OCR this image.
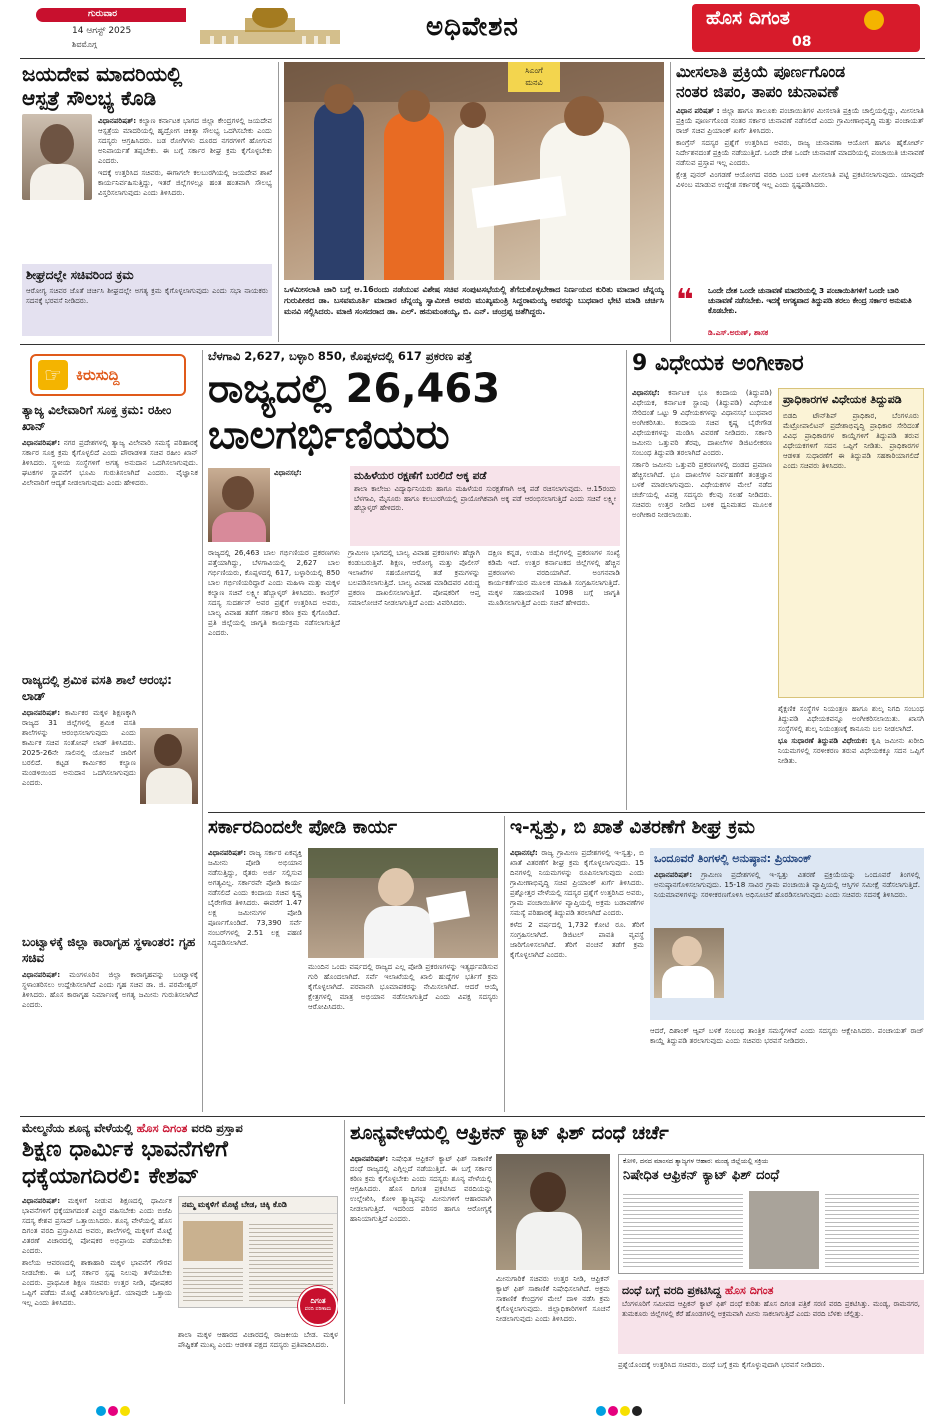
ಗುರುವಾರ
14 ಆಗಸ್ಟ್ 2025
ಶಿವಮೊಗ್ಗ
ಅಧಿವೇಶನ	ಹೊಸ ದಿಗಂತ
08
ಜಯದೇವ ಮಾದರಿಯಲ್ಲಿ
ಆಸ್ಪತ್ರೆ ಸೌಲಭ್ಯ ಕೊಡಿ

ವಿಧಾನಪರಿಷತ್: ಕಲ್ಯಾಣ ಕರ್ನಾಟಕ ಭಾಗದ ಜಿಲ್ಲಾ ಕೇಂದ್ರಗಳಲ್ಲಿ ಜಯದೇವ ಆಸ್ಪತ್ರೆಯ ಮಾದರಿಯಲ್ಲಿ ಹೃದ್ರೋಗ ಚಿಕಿತ್ಸಾ ಸೌಲಭ್ಯ ಒದಗಿಸಬೇಕು ಎಂದು ಸದಸ್ಯರು ಆಗ್ರಹಿಸಿದರು. ಬಡ ರೋಗಿಗಳು ದೂರದ ನಗರಗಳಿಗೆ ಹೋಗುವ ಅನಿವಾರ್ಯತೆ ತಪ್ಪಬೇಕು. ಈ ಬಗ್ಗೆ ಸರ್ಕಾರ ಶೀಘ್ರ ಕ್ರಮ ಕೈಗೊಳ್ಳಬೇಕು ಎಂದರು.

ಇದಕ್ಕೆ ಉತ್ತರಿಸಿದ ಸಚಿವರು, ಈಗಾಗಲೇ ಕಲಬುರಗಿಯಲ್ಲಿ ಜಯದೇವ ಶಾಖೆ ಕಾರ್ಯನಿರ್ವಹಿಸುತ್ತಿದ್ದು, ಇತರೆ ಜಿಲ್ಲೆಗಳಲ್ಲೂ ಹಂತ ಹಂತವಾಗಿ ಸೌಲಭ್ಯ ವಿಸ್ತರಿಸಲಾಗುವುದು ಎಂದು ತಿಳಿಸಿದರು.

ಶೀಘ್ರದಲ್ಲೇ ಸಚಿವರಿಂದ ಕ್ರಮ
ಆರೋಗ್ಯ ಸಚಿವರ ಜೊತೆ ಚರ್ಚಿಸಿ ಶೀಘ್ರದಲ್ಲೇ ಅಗತ್ಯ ಕ್ರಮ ಕೈಗೊಳ್ಳಲಾಗುವುದು ಎಂದು ಸಭಾ ನಾಯಕರು ಸದನಕ್ಕೆ ಭರವಸೆ ನೀಡಿದರು.
ಸಿಎಂಗೆ
ಮನವಿ
ಒಳಮೀಸಲಾತಿ ಜಾರಿ ಬಗ್ಗೆ ಆ.16ರಂದು ನಡೆಯುವ ವಿಶೇಷ ಸಚಿವ ಸಂಪುಟಸಭೆಯಲ್ಲಿ ತೆಗೆದುಕೊಳ್ಳಬೇಕಾದ ನಿರ್ಣಯದ ಕುರಿತು ಮಾದಾರ ಚೆನ್ನಯ್ಯ ಗುರುಪೀಠದ ಡಾ. ಬಸವಮೂರ್ತಿ ಮಾದಾರ ಚೆನ್ನಯ್ಯ ಸ್ವಾಮೀಜಿ ಅವರು ಮುಖ್ಯಮಂತ್ರಿ ಸಿದ್ದರಾಮಯ್ಯ ಅವರನ್ನು ಬುಧವಾರ ಭೇಟಿ ಮಾಡಿ ಚರ್ಚಿಸಿ ಮನವಿ ಸಲ್ಲಿಸಿದರು. ಮಾಜಿ ಸಂಸದರಾದ ಡಾ. ಎಲ್. ಹನುಮಂತಯ್ಯ, ಬಿ. ಎನ್. ಚಂದ್ರಪ್ಪ ಜತೆಗಿದ್ದರು.
ಮೀಸಲಾತಿ ಪ್ರಕ್ರಿಯೆ ಪೂರ್ಣಗೊಂಡ
ನಂತರ ಜಿಪಂ, ತಾಪಂ ಚುನಾವಣೆ

ವಿಧಾನ ಪರಿಷತ್ : ಜಿಲ್ಲಾ ಹಾಗೂ ತಾಲೂಕು ಪಂಚಾಯಿತಿಗಳ ಮೀಸಲಾತಿ ಪ್ರಕ್ರಿಯೆ ಚಾಲ್ತಿಯಲ್ಲಿದ್ದು, ಮೀಸಲಾತಿ ಪ್ರಕ್ರಿಯೆ ಪೂರ್ಣಗೊಂಡ ನಂತರ ಸರ್ಕಾರ ಚುನಾವಣೆ ನಡೆಸಲಿದೆ ಎಂದು ಗ್ರಾಮೀಣಾಭಿವೃದ್ಧಿ ಮತ್ತು ಪಂಚಾಯತ್ ರಾಜ್ ಸಚಿವ ಪ್ರಿಯಾಂಕ್ ಖರ್ಗೆ ತಿಳಿಸಿದರು.

ಕಾಂಗ್ರೆಸ್ ಸದಸ್ಯರ ಪ್ರಶ್ನೆಗೆ ಉತ್ತರಿಸಿದ ಅವರು, ರಾಜ್ಯ ಚುನಾವಣಾ ಆಯೋಗ ಹಾಗೂ ಹೈಕೋರ್ಟ್ ನಿರ್ದೇಶನದಂತೆ ಪ್ರಕ್ರಿಯೆ ನಡೆಯುತ್ತಿದೆ. ಒಂದೇ ದೇಶ ಒಂದೇ ಚುನಾವಣೆ ಮಾದರಿಯಲ್ಲಿ ಪಂಚಾಯಿತಿ ಚುನಾವಣೆ ನಡೆಸುವ ಪ್ರಸ್ತಾಪ ಇಲ್ಲ ಎಂದರು.

ಕ್ಷೇತ್ರ ಪುನರ್ ವಿಂಗಡಣೆ ಆಯೋಗದ ವರದಿ ಬಂದ ಬಳಿಕ ಮೀಸಲಾತಿ ಪಟ್ಟಿ ಪ್ರಕಟಿಸಲಾಗುವುದು. ಯಾವುದೇ ವಿಳಂಬ ಮಾಡುವ ಉದ್ದೇಶ ಸರ್ಕಾರಕ್ಕೆ ಇಲ್ಲ ಎಂದು ಸ್ಪಷ್ಟಪಡಿಸಿದರು.

❝ ಒಂದೇ ದೇಶ ಒಂದೇ ಚುನಾವಣೆ ಮಾದರಿಯಲ್ಲಿ 3 ಪಂಚಾಯಿತಿಗಳಿಗೆ ಒಂದೇ ಬಾರಿ ಚುನಾವಣೆ ನಡೆಸಬೇಕು. ಇದಕ್ಕೆ ಅಗತ್ಯವಾದ ತಿದ್ದುಪಡಿ ತರಲು ಕೇಂದ್ರ ಸರ್ಕಾರ ಅನುಮತಿ ಕೊಡಬೇಕು.
ಡಿ.ಎಸ್.ಅರುಣ್, ಶಾಸಕ
☞ ಕಿರುಸುದ್ದಿ
ತ್ಯಾಜ್ಯ ವಿಲೇವಾರಿಗೆ ಸೂಕ್ತ ಕ್ರಮ: ರಹೀಂ ಖಾನ್

ವಿಧಾನಪರಿಷತ್: ನಗರ ಪ್ರದೇಶಗಳಲ್ಲಿ ತ್ಯಾಜ್ಯ ವಿಲೇವಾರಿ ಸಮಸ್ಯೆ ಪರಿಹಾರಕ್ಕೆ ಸರ್ಕಾರ ಸೂಕ್ತ ಕ್ರಮ ಕೈಗೊಳ್ಳಲಿದೆ ಎಂದು ಪೌರಾಡಳಿತ ಸಚಿವ ರಹೀಂ ಖಾನ್ ತಿಳಿಸಿದರು. ಸ್ಥಳೀಯ ಸಂಸ್ಥೆಗಳಿಗೆ ಅಗತ್ಯ ಅನುದಾನ ಒದಗಿಸಲಾಗುವುದು. ಘಟಕಗಳ ಸ್ಥಾಪನೆಗೆ ಭೂಮಿ ಗುರುತಿಸಲಾಗಿದೆ ಎಂದರು. ವೈಜ್ಞಾನಿಕ ವಿಲೇವಾರಿಗೆ ಆದ್ಯತೆ ನೀಡಲಾಗುವುದು ಎಂದು ಹೇಳಿದರು.

ರಾಜ್ಯದಲ್ಲಿ ಶ್ರಮಿಕ ವಸತಿ ಶಾಲೆ ಆರಂಭ: ಲಾಡ್

ವಿಧಾನಪರಿಷತ್: ಕಾರ್ಮಿಕರ ಮಕ್ಕಳ ಶಿಕ್ಷಣಕ್ಕಾಗಿ ರಾಜ್ಯದ 31 ಜಿಲ್ಲೆಗಳಲ್ಲಿ ಶ್ರಮಿಕ ವಸತಿ ಶಾಲೆಗಳನ್ನು ಆರಂಭಿಸಲಾಗುವುದು ಎಂದು ಕಾರ್ಮಿಕ ಸಚಿವ ಸಂತೋಷ್ ಲಾಡ್ ತಿಳಿಸಿದರು. 2025-26ನೇ ಸಾಲಿನಲ್ಲಿ ಯೋಜನೆ ಜಾರಿಗೆ ಬರಲಿದೆ. ಕಟ್ಟಡ ಕಾರ್ಮಿಕರ ಕಲ್ಯಾಣ ಮಂಡಳಿಯಿಂದ ಅನುದಾನ ಒದಗಿಸಲಾಗುವುದು ಎಂದರು.

ಬಂಟ್ವಾಳಕ್ಕೆ ಜಿಲ್ಲಾ ಕಾರಾಗೃಹ ಸ್ಥಳಾಂತರ: ಗೃಹ ಸಚಿವ

ವಿಧಾನಪರಿಷತ್: ಮಂಗಳೂರಿನ ಜಿಲ್ಲಾ ಕಾರಾಗೃಹವನ್ನು ಬಂಟ್ವಾಳಕ್ಕೆ ಸ್ಥಳಾಂತರಿಸಲು ಉದ್ದೇಶಿಸಲಾಗಿದೆ ಎಂದು ಗೃಹ ಸಚಿವ ಡಾ. ಜಿ. ಪರಮೇಶ್ವರ್ ತಿಳಿಸಿದರು. ಹೊಸ ಕಾರಾಗೃಹ ನಿರ್ಮಾಣಕ್ಕೆ ಅಗತ್ಯ ಜಮೀನು ಗುರುತಿಸಲಾಗಿದೆ ಎಂದರು.

ಬೆಳಗಾವಿ 2,627, ಬಳ್ಳಾರಿ 850, ಕೊಪ್ಪಳದಲ್ಲಿ 617 ಪ್ರಕರಣ ಪತ್ತೆ
ರಾಜ್ಯದಲ್ಲಿ 26,463
ಬಾಲಗರ್ಭಿಣಿಯರು
ಮಹಿಳೆಯರ ರಕ್ಷಣೆಗೆ ಬರಲಿದೆ ಅಕ್ಕ ಪಡೆ
ಶಾಲಾ ಕಾಲೇಜು ವಿದ್ಯಾರ್ಥಿನಿಯರು ಹಾಗೂ ಮಹಿಳೆಯರ ಸುರಕ್ಷತೆಗಾಗಿ ಅಕ್ಕ ಪಡೆ ರಚಿಸಲಾಗುವುದು. ಆ.15ರಂದು ಬೆಳಗಾವಿ, ಮೈಸೂರು ಹಾಗೂ ಕಲಬುರಗಿಯಲ್ಲಿ ಪ್ರಾಯೋಗಿಕವಾಗಿ ಅಕ್ಕ ಪಡೆ ಆರಂಭಿಸಲಾಗುತ್ತಿದೆ ಎಂದು ಸಚಿವೆ ಲಕ್ಷ್ಮೀ ಹೆಬ್ಬಾಳ್ಕರ್ ಹೇಳಿದರು.

ವಿಧಾನಸಭೆ:

ರಾಜ್ಯದಲ್ಲಿ 26,463 ಬಾಲ ಗರ್ಭಿಣಿಯರ ಪ್ರಕರಣಗಳು ಪತ್ತೆಯಾಗಿದ್ದು, ಬೆಳಗಾವಿಯಲ್ಲಿ 2,627 ಬಾಲ ಗರ್ಭಿಣಿಯರು, ಕೊಪ್ಪಳದಲ್ಲಿ 617, ಬಳ್ಳಾರಿಯಲ್ಲಿ 850 ಬಾಲ ಗರ್ಭಿಣಿಯರಿದ್ದಾರೆ ಎಂದು ಮಹಿಳಾ ಮತ್ತು ಮಕ್ಕಳ ಕಲ್ಯಾಣ ಸಚಿವೆ ಲಕ್ಷ್ಮೀ ಹೆಬ್ಬಾಳ್ಕರ್ ತಿಳಿಸಿದರು. ಕಾಂಗ್ರೆಸ್ ಸದಸ್ಯ ಸುದರ್ಶನ್ ಅವರ ಪ್ರಶ್ನೆಗೆ ಉತ್ತರಿಸಿದ ಅವರು, ಬಾಲ್ಯ ವಿವಾಹ ತಡೆಗೆ ಸರ್ಕಾರ ಕಠಿಣ ಕ್ರಮ ಕೈಗೊಂಡಿದೆ. ಪ್ರತಿ ಜಿಲ್ಲೆಯಲ್ಲಿ ಜಾಗೃತಿ ಕಾರ್ಯಕ್ರಮ ನಡೆಸಲಾಗುತ್ತಿದೆ ಎಂದರು.
ಗ್ರಾಮೀಣ ಭಾಗದಲ್ಲಿ ಬಾಲ್ಯ ವಿವಾಹ ಪ್ರಕರಣಗಳು ಹೆಚ್ಚಾಗಿ ಕಂಡುಬರುತ್ತಿವೆ. ಶಿಕ್ಷಣ, ಆರೋಗ್ಯ ಮತ್ತು ಪೊಲೀಸ್ ಇಲಾಖೆಗಳ ಸಹಯೋಗದಲ್ಲಿ ತಡೆ ಕ್ರಮಗಳನ್ನು ಬಲಪಡಿಸಲಾಗುತ್ತಿದೆ. ಬಾಲ್ಯ ವಿವಾಹ ಮಾಡಿದವರ ವಿರುದ್ಧ ಪ್ರಕರಣ ದಾಖಲಿಸಲಾಗುತ್ತಿದೆ. ಪೋಷಕರಿಗೆ ಆಪ್ತ ಸಮಾಲೋಚನೆ ನೀಡಲಾಗುತ್ತಿದೆ ಎಂದು ವಿವರಿಸಿದರು.
ದಕ್ಷಿಣ ಕನ್ನಡ, ಉಡುಪಿ ಜಿಲ್ಲೆಗಳಲ್ಲಿ ಪ್ರಕರಣಗಳ ಸಂಖ್ಯೆ ಕಡಿಮೆ ಇದೆ. ಉತ್ತರ ಕರ್ನಾಟಕದ ಜಿಲ್ಲೆಗಳಲ್ಲಿ ಹೆಚ್ಚಿನ ಪ್ರಕರಣಗಳು ವರದಿಯಾಗಿವೆ. ಅಂಗನವಾಡಿ ಕಾರ್ಯಕರ್ತೆಯರ ಮೂಲಕ ಮಾಹಿತಿ ಸಂಗ್ರಹಿಸಲಾಗುತ್ತಿದೆ. ಮಕ್ಕಳ ಸಹಾಯವಾಣಿ 1098 ಬಗ್ಗೆ ಜಾಗೃತಿ ಮೂಡಿಸಲಾಗುತ್ತಿದೆ ಎಂದು ಸಚಿವೆ ಹೇಳಿದರು.
9 ವಿಧೇಯಕ ಅಂಗೀಕಾರ

ವಿಧಾನಸಭೆ: ಕರ್ನಾಟಕ ಭೂ ಕಂದಾಯ (ತಿದ್ದುಪಡಿ) ವಿಧೇಯಕ, ಕರ್ನಾಟಕ ಸ್ಟಾಂಪು (ತಿದ್ದುಪಡಿ) ವಿಧೇಯಕ ಸೇರಿದಂತೆ ಒಟ್ಟು 9 ವಿಧೇಯಕಗಳನ್ನು ವಿಧಾನಸಭೆ ಬುಧವಾರ ಅಂಗೀಕರಿಸಿತು. ಕಂದಾಯ ಸಚಿವ ಕೃಷ್ಣ ಬೈರೇಗೌಡ ವಿಧೇಯಕಗಳನ್ನು ಮಂಡಿಸಿ ವಿವರಣೆ ನೀಡಿದರು. ಸರ್ಕಾರಿ ಜಮೀನು ಒತ್ತುವರಿ ತೆರವು, ದಾಖಲೆಗಳ ಡಿಜಿಟಲೀಕರಣ ಸಂಬಂಧ ತಿದ್ದುಪಡಿ ತರಲಾಗಿದೆ ಎಂದರು.

ಸರ್ಕಾರಿ ಜಮೀನು ಒತ್ತುವರಿ ಪ್ರಕರಣಗಳಲ್ಲಿ ದಂಡದ ಪ್ರಮಾಣ ಹೆಚ್ಚಿಸಲಾಗಿದೆ. ಭೂ ದಾಖಲೆಗಳ ನಿರ್ವಹಣೆಗೆ ತಂತ್ರಜ್ಞಾನ ಬಳಕೆ ಮಾಡಲಾಗುವುದು. ವಿಧೇಯಕಗಳ ಮೇಲೆ ನಡೆದ ಚರ್ಚೆಯಲ್ಲಿ ವಿಪಕ್ಷ ಸದಸ್ಯರು ಕೆಲವು ಸಲಹೆ ನೀಡಿದರು. ಸಚಿವರು ಉತ್ತರ ನೀಡಿದ ಬಳಿಕ ಧ್ವನಿಮತದ ಮೂಲಕ ಅಂಗೀಕಾರ ನೀಡಲಾಯಿತು.

ಪ್ರಾಧಿಕಾರಗಳ ವಿಧೇಯಕ ತಿದ್ದುಪಡಿ
ಬಿಡದಿ ಟೌನ್‌ಶಿಪ್ ಪ್ರಾಧಿಕಾರ, ಬೆಂಗಳೂರು ಮೆಟ್ರೋಪಾಲಿಟನ್ ಪ್ರದೇಶಾಭಿವೃದ್ಧಿ ಪ್ರಾಧಿಕಾರ ಸೇರಿದಂತೆ ವಿವಿಧ ಪ್ರಾಧಿಕಾರಗಳ ಕಾಯ್ದೆಗಳಿಗೆ ತಿದ್ದುಪಡಿ ತರುವ ವಿಧೇಯಕಗಳಿಗೆ ಸದನ ಒಪ್ಪಿಗೆ ನೀಡಿತು. ಪ್ರಾಧಿಕಾರಗಳ ಆಡಳಿತ ಸುಧಾರಣೆಗೆ ಈ ತಿದ್ದುಪಡಿ ಸಹಕಾರಿಯಾಗಲಿದೆ ಎಂದು ಸಚಿವರು ತಿಳಿಸಿದರು.

ಶೈಕ್ಷಣಿಕ ಸಂಸ್ಥೆಗಳ ನಿಯಂತ್ರಣ ಹಾಗೂ ಶುಲ್ಕ ನಿಗದಿ ಸಂಬಂಧ ತಿದ್ದುಪಡಿ ವಿಧೇಯಕವನ್ನೂ ಅಂಗೀಕರಿಸಲಾಯಿತು. ಖಾಸಗಿ ಸಂಸ್ಥೆಗಳಲ್ಲಿ ಶುಲ್ಕ ನಿಯಂತ್ರಣಕ್ಕೆ ಕಾನೂನು ಬಲ ನೀಡಲಾಗಿದೆ.

ಭೂ ಸುಧಾರಣೆ ತಿದ್ದುಪಡಿ ವಿಧೇಯಕ: ಕೃಷಿ ಜಮೀನು ಖರೀದಿ ನಿಯಮಗಳಲ್ಲಿ ಸರಳೀಕರಣ ತರುವ ವಿಧೇಯಕಕ್ಕೂ ಸದನ ಒಪ್ಪಿಗೆ ನೀಡಿತು.

ಸರ್ಕಾರದಿಂದಲೇ ಪೋಡಿ ಕಾರ್ಯ

ವಿಧಾನಪರಿಷತ್: ರಾಜ್ಯ ಸರ್ಕಾರ ಏಕವ್ಯಕ್ತಿ ಜಮೀನು ಪೋಡಿ ಅಭಿಯಾನ ನಡೆಸುತ್ತಿದ್ದು, ರೈತರು ಅರ್ಜಿ ಸಲ್ಲಿಸುವ ಅಗತ್ಯವಿಲ್ಲ. ಸರ್ಕಾರವೇ ಪೋಡಿ ಕಾರ್ಯ ನಡೆಸಲಿದೆ ಎಂದು ಕಂದಾಯ ಸಚಿವ ಕೃಷ್ಣ ಬೈರೇಗೌಡ ತಿಳಿಸಿದರು. ಈವರೆಗೆ 1.47 ಲಕ್ಷ ಜಮೀನುಗಳ ಪೋಡಿ ಪೂರ್ಣಗೊಂಡಿದೆ. 73,390 ಸರ್ವೆ ನಂಬರ್‌ಗಳಲ್ಲಿ 2.51 ಲಕ್ಷ ಪಹಣಿ ಸಿದ್ಧಪಡಿಸಲಾಗಿದೆ.

ಮುಂದಿನ ಒಂದು ವರ್ಷದಲ್ಲಿ ರಾಜ್ಯದ ಎಲ್ಲ ಪೋಡಿ ಪ್ರಕರಣಗಳನ್ನು ಇತ್ಯರ್ಥಪಡಿಸುವ ಗುರಿ ಹೊಂದಲಾಗಿದೆ. ಸರ್ವೆ ಇಲಾಖೆಯಲ್ಲಿ ಖಾಲಿ ಹುದ್ದೆಗಳ ಭರ್ತಿಗೆ ಕ್ರಮ ಕೈಗೊಳ್ಳಲಾಗಿದೆ. ಪರವಾನಗಿ ಭೂಮಾಪಕರನ್ನು ನೇಮಿಸಲಾಗಿದೆ. ಆದರೆ ಆಯ್ಕೆ ಕ್ಷೇತ್ರಗಳಲ್ಲಿ ಮಾತ್ರ ಅಭಿಯಾನ ನಡೆಸಲಾಗುತ್ತಿದೆ ಎಂದು ವಿಪಕ್ಷ ಸದಸ್ಯರು ಆರೋಪಿಸಿದರು.
ಇ-ಸ್ವತ್ತು, ಬಿ ಖಾತೆ ವಿತರಣೆಗೆ ಶೀಘ್ರ ಕ್ರಮ

ವಿಧಾನಸಭೆ: ರಾಜ್ಯ ಗ್ರಾಮೀಣ ಪ್ರದೇಶಗಳಲ್ಲಿ ಇ-ಸ್ವತ್ತು, ಬಿ ಖಾತೆ ವಿತರಣೆಗೆ ಶೀಘ್ರ ಕ್ರಮ ಕೈಗೊಳ್ಳಲಾಗುವುದು. 15 ದಿನಗಳಲ್ಲಿ ನಿಯಮಗಳನ್ನು ರೂಪಿಸಲಾಗುವುದು ಎಂದು ಗ್ರಾಮೀಣಾಭಿವೃದ್ಧಿ ಸಚಿವ ಪ್ರಿಯಾಂಕ್ ಖರ್ಗೆ ತಿಳಿಸಿದರು. ಪ್ರಶ್ನೋತ್ತರ ವೇಳೆಯಲ್ಲಿ ಸದಸ್ಯರ ಪ್ರಶ್ನೆಗೆ ಉತ್ತರಿಸಿದ ಅವರು, ಗ್ರಾಮ ಪಂಚಾಯಿತಿಗಳ ವ್ಯಾಪ್ತಿಯಲ್ಲಿ ಅಕ್ರಮ ಬಡಾವಣೆಗಳ ಸಮಸ್ಯೆ ಪರಿಹಾರಕ್ಕೆ ತಿದ್ದುಪಡಿ ತರಲಾಗಿದೆ ಎಂದರು.

ಕಳೆದ 2 ವರ್ಷದಲ್ಲಿ 1,732 ಕೋಟಿ ರೂ. ತೆರಿಗೆ ಸಂಗ್ರಹಿಸಲಾಗಿದೆ. ಡಿಜಿಟಲ್ ಪಾವತಿ ವ್ಯವಸ್ಥೆ ಜಾರಿಗೊಳಿಸಲಾಗಿದೆ. ತೆರಿಗೆ ವಂಚನೆ ತಡೆಗೆ ಕ್ರಮ ಕೈಗೊಳ್ಳಲಾಗಿದೆ ಎಂದರು.

ಒಂದೂವರೆ ತಿಂಗಳಲ್ಲಿ ಅನುಷ್ಠಾನ: ಪ್ರಿಯಾಂಕ್

ವಿಧಾನಪರಿಷತ್: ಗ್ರಾಮೀಣ ಪ್ರದೇಶಗಳಲ್ಲಿ ಇ-ಸ್ವತ್ತು ವಿತರಣೆ ಪ್ರಕ್ರಿಯೆಯನ್ನು ಒಂದೂವರೆ ತಿಂಗಳಲ್ಲಿ ಅನುಷ್ಠಾನಗೊಳಿಸಲಾಗುವುದು. 15-18 ಸಾವಿರ ಗ್ರಾಮ ಪಂಚಾಯಿತಿ ವ್ಯಾಪ್ತಿಯಲ್ಲಿ ಆಸ್ತಿಗಳ ಸಮೀಕ್ಷೆ ನಡೆಸಲಾಗುತ್ತಿದೆ. ನಿಯಮಾವಳಿಗಳನ್ನು ಸರಳೀಕರಣಗೊಳಿಸಿ ಅಧಿಸೂಚನೆ ಹೊರಡಿಸಲಾಗುವುದು ಎಂದು ಸಚಿವರು ಸದನಕ್ಕೆ ತಿಳಿಸಿದರು.

ಆದರೆ, ದಿಶಾಂಕ್ ಆ್ಯಪ್ ಬಳಕೆ ಸಂಬಂಧ ತಾಂತ್ರಿಕ ಸಮಸ್ಯೆಗಳಿವೆ ಎಂದು ಸದಸ್ಯರು ಆಕ್ಷೇಪಿಸಿದರು. ಪಂಚಾಯತ್ ರಾಜ್ ಕಾಯ್ದೆ ತಿದ್ದುಪಡಿ ತರಲಾಗುವುದು ಎಂದು ಸಚಿವರು ಭರವಸೆ ನೀಡಿದರು.
ಮೇಲ್ಮನೆಯ ಶೂನ್ಯ ವೇಳೆಯಲ್ಲಿ ಹೊಸ ದಿಗಂತ ವರದಿ ಪ್ರಸ್ತಾಪ
ಶಿಕ್ಷಣ ಧಾರ್ಮಿಕ ಭಾವನೆಗಳಿಗೆ
ಧಕ್ಕೆಯಾಗದಿರಲಿ: ಕೇಶವ್

ವಿಧಾನಪರಿಷತ್: ಮಕ್ಕಳಿಗೆ ನೀಡುವ ಶಿಕ್ಷಣದಲ್ಲಿ ಧಾರ್ಮಿಕ ಭಾವನೆಗಳಿಗೆ ಧಕ್ಕೆಯಾಗದಂತೆ ಎಚ್ಚರ ವಹಿಸಬೇಕು ಎಂದು ಬಿಜೆಪಿ ಸದಸ್ಯ ಕೇಶವ ಪ್ರಸಾದ್ ಒತ್ತಾಯಿಸಿದರು. ಶೂನ್ಯ ವೇಳೆಯಲ್ಲಿ ಹೊಸ ದಿಗಂತ ವರದಿ ಪ್ರಸ್ತಾಪಿಸಿದ ಅವರು, ಶಾಲೆಗಳಲ್ಲಿ ಮಕ್ಕಳಿಗೆ ಮೊಟ್ಟೆ ವಿತರಣೆ ವಿಚಾರದಲ್ಲಿ ಪೋಷಕರ ಅಭಿಪ್ರಾಯ ಪಡೆಯಬೇಕು ಎಂದರು.

ಶಾಲೆಯ ಆವರಣದಲ್ಲಿ ಶಾಕಾಹಾರಿ ಮಕ್ಕಳ ಭಾವನೆಗೆ ಗೌರವ ನೀಡಬೇಕು. ಈ ಬಗ್ಗೆ ಸರ್ಕಾರ ಸ್ಪಷ್ಟ ನಿಲುವು ತಳೆಯಬೇಕು ಎಂದರು. ಪ್ರಾಥಮಿಕ ಶಿಕ್ಷಣ ಸಚಿವರು ಉತ್ತರ ನೀಡಿ, ಪೋಷಕರ ಒಪ್ಪಿಗೆ ಪಡೆದು ಮೊಟ್ಟೆ ವಿತರಿಸಲಾಗುತ್ತಿದೆ. ಯಾವುದೇ ಒತ್ತಾಯ ಇಲ್ಲ ಎಂದು ತಿಳಿಸಿದರು.

ನಮ್ಮ ಮಕ್ಕಳಿಗೆ ಮೊಟ್ಟೆ ಬೇಡ, ಚಿಕ್ಕಿ ಕೊಡಿ
ದಿಗಂತ
ವರದಿ ಪರಿಣಾಮ
ಶಾಲಾ ಮಕ್ಕಳ ಆಹಾರದ ವಿಚಾರದಲ್ಲಿ ರಾಜಕೀಯ ಬೇಡ. ಮಕ್ಕಳ ಪೌಷ್ಟಿಕತೆ ಮುಖ್ಯ ಎಂದು ಆಡಳಿತ ಪಕ್ಷದ ಸದಸ್ಯರು ಪ್ರತಿಪಾದಿಸಿದರು.
ಶೂನ್ಯವೇಳೆಯಲ್ಲಿ ಆಫ್ರಿಕನ್ ಕ್ಯಾಟ್ ಫಿಶ್ ದಂಧೆ ಚರ್ಚೆ

ವಿಧಾನಪರಿಷತ್: ನಿಷೇಧಿತ ಆಫ್ರಿಕನ್ ಕ್ಯಾಟ್ ಫಿಶ್ ಸಾಕಾಣಿಕೆ ದಂಧೆ ರಾಜ್ಯದಲ್ಲಿ ಎಗ್ಗಿಲ್ಲದೆ ನಡೆಯುತ್ತಿದೆ. ಈ ಬಗ್ಗೆ ಸರ್ಕಾರ ಕಠಿಣ ಕ್ರಮ ಕೈಗೊಳ್ಳಬೇಕು ಎಂದು ಸದಸ್ಯರು ಶೂನ್ಯ ವೇಳೆಯಲ್ಲಿ ಆಗ್ರಹಿಸಿದರು. ಹೊಸ ದಿಗಂತ ಪ್ರಕಟಿಸಿದ ವರದಿಯನ್ನು ಉಲ್ಲೇಖಿಸಿ, ಕೋಳಿ ತ್ಯಾಜ್ಯವನ್ನು ಮೀನುಗಳಿಗೆ ಆಹಾರವಾಗಿ ನೀಡಲಾಗುತ್ತಿದೆ. ಇದರಿಂದ ಪರಿಸರ ಹಾಗೂ ಆರೋಗ್ಯಕ್ಕೆ ಹಾನಿಯಾಗುತ್ತಿದೆ ಎಂದರು.

ಮೀನುಗಾರಿಕೆ ಸಚಿವರು ಉತ್ತರ ನೀಡಿ, ಆಫ್ರಿಕನ್ ಕ್ಯಾಟ್ ಫಿಶ್ ಸಾಕಾಣಿಕೆ ನಿಷೇಧಿಸಲಾಗಿದೆ. ಅಕ್ರಮ ಸಾಕಾಣಿಕೆ ಕೇಂದ್ರಗಳ ಮೇಲೆ ದಾಳಿ ನಡೆಸಿ ಕ್ರಮ ಕೈಗೊಳ್ಳಲಾಗುವುದು. ಜಿಲ್ಲಾಧಿಕಾರಿಗಳಿಗೆ ಸೂಚನೆ ನೀಡಲಾಗುವುದು ಎಂದು ತಿಳಿಸಿದರು.
ಕೋಳಿ, ದನದ ಮಾಂಸದ ತ್ಯಾಜ್ಯಗಳ ಆಹಾರ: ಮಂಡ್ಯ ಜಿಲ್ಲೆಯಲ್ಲಿ ಸಕ್ರಿಯ
ನಿಷೇಧಿತ ಆಫ್ರಿಕನ್ ಕ್ಯಾಟ್ ಫಿಶ್ ದಂಧೆ
ದಂಧೆ ಬಗ್ಗೆ ವರದಿ ಪ್ರಕಟಿಸಿದ್ದ ಹೊಸ ದಿಗಂತ
ಬೆಂಗಳೂರಿಗೆ ಸಮೀಪದ ಆಫ್ರಿಕನ್ ಕ್ಯಾಟ್ ಫಿಶ್ ದಂಧೆ ಕುರಿತು ಹೊಸ ದಿಗಂತ ಪತ್ರಿಕೆ ಸರಣಿ ವರದಿ ಪ್ರಕಟಿಸಿತ್ತು. ಮಂಡ್ಯ, ರಾಮನಗರ, ತುಮಕೂರು ಜಿಲ್ಲೆಗಳಲ್ಲಿ ಕೆರೆ ಹೊಂಡಗಳಲ್ಲಿ ಅಕ್ರಮವಾಗಿ ಮೀನು ಸಾಕಲಾಗುತ್ತಿದೆ ಎಂದು ವರದಿ ಬೆಳಕು ಚೆಲ್ಲಿತ್ತು.
ಪ್ರಶ್ನೆಯೊಂದಕ್ಕೆ ಉತ್ತರಿಸಿದ ಸಚಿವರು, ದಂಧೆ ಬಗ್ಗೆ ಕ್ರಮ ಕೈಗೊಳ್ಳುವುದಾಗಿ ಭರವಸೆ ನೀಡಿದರು.
